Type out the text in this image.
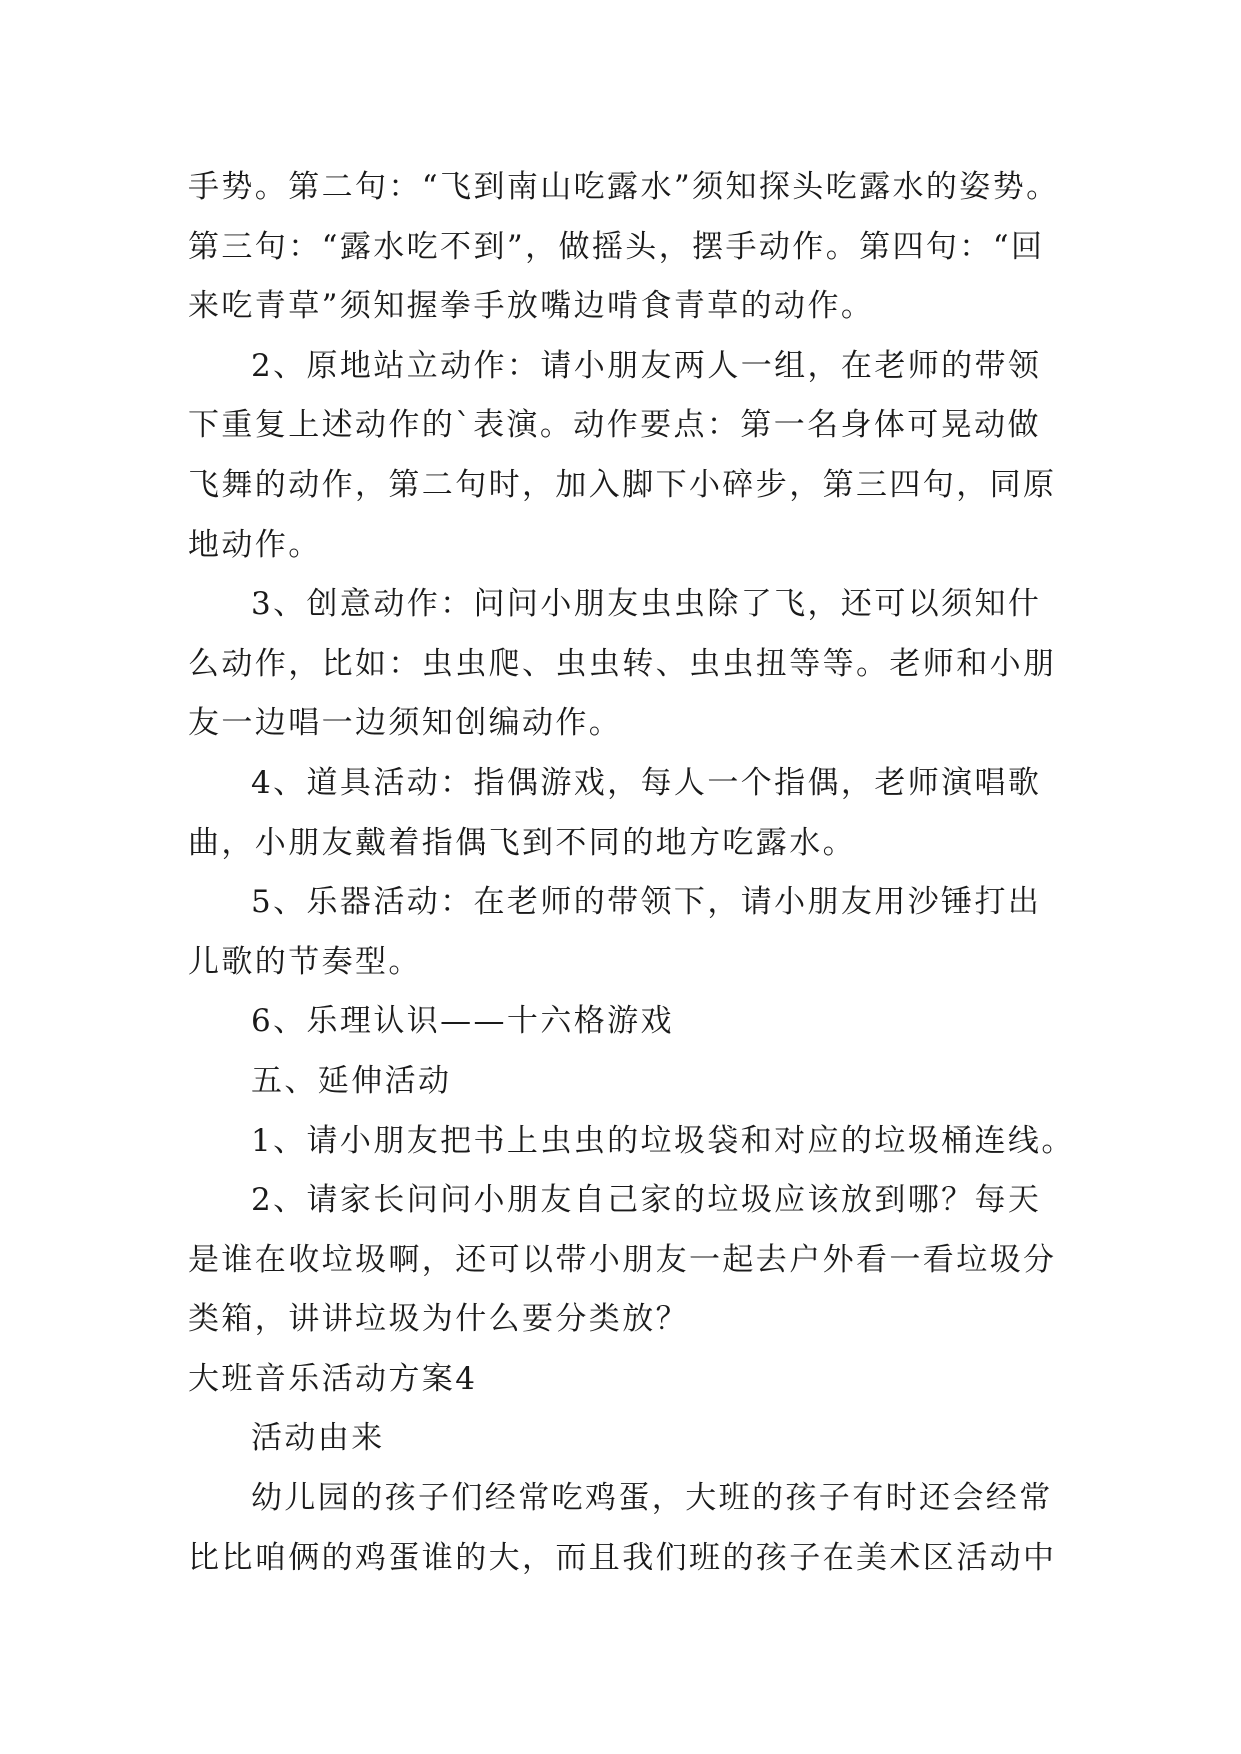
手势。第二句：“飞到南山吃露水”须知探头吃露水的姿势。
第三句：“露水吃不到”，做摇头，摆手动作。第四句：“回
来吃青草”须知握拳手放嘴边啃食青草的动作。
2、原地站立动作：请小朋友两人一组，在老师的带领
下重复上述动作的`表演。动作要点：第一名身体可晃动做
飞舞的动作，第二句时，加入脚下小碎步，第三四句，同原
地动作。
3、创意动作：问问小朋友虫虫除了飞，还可以须知什
么动作，比如：虫虫爬、虫虫转、虫虫扭等等。老师和小朋
友一边唱一边须知创编动作。
4、道具活动：指偶游戏，每人一个指偶，老师演唱歌
曲，小朋友戴着指偶飞到不同的地方吃露水。
5、乐器活动：在老师的带领下，请小朋友用沙锤打出
儿歌的节奏型。
6、乐理认识——十六格游戏
五、延伸活动
1、请小朋友把书上虫虫的垃圾袋和对应的垃圾桶连线。
2、请家长问问小朋友自己家的垃圾应该放到哪？每天
是谁在收垃圾啊，还可以带小朋友一起去户外看一看垃圾分
类箱，讲讲垃圾为什么要分类放？
大班音乐活动方案4
活动由来
幼儿园的孩子们经常吃鸡蛋，大班的孩子有时还会经常
比比咱俩的鸡蛋谁的大，而且我们班的孩子在美术区活动中
